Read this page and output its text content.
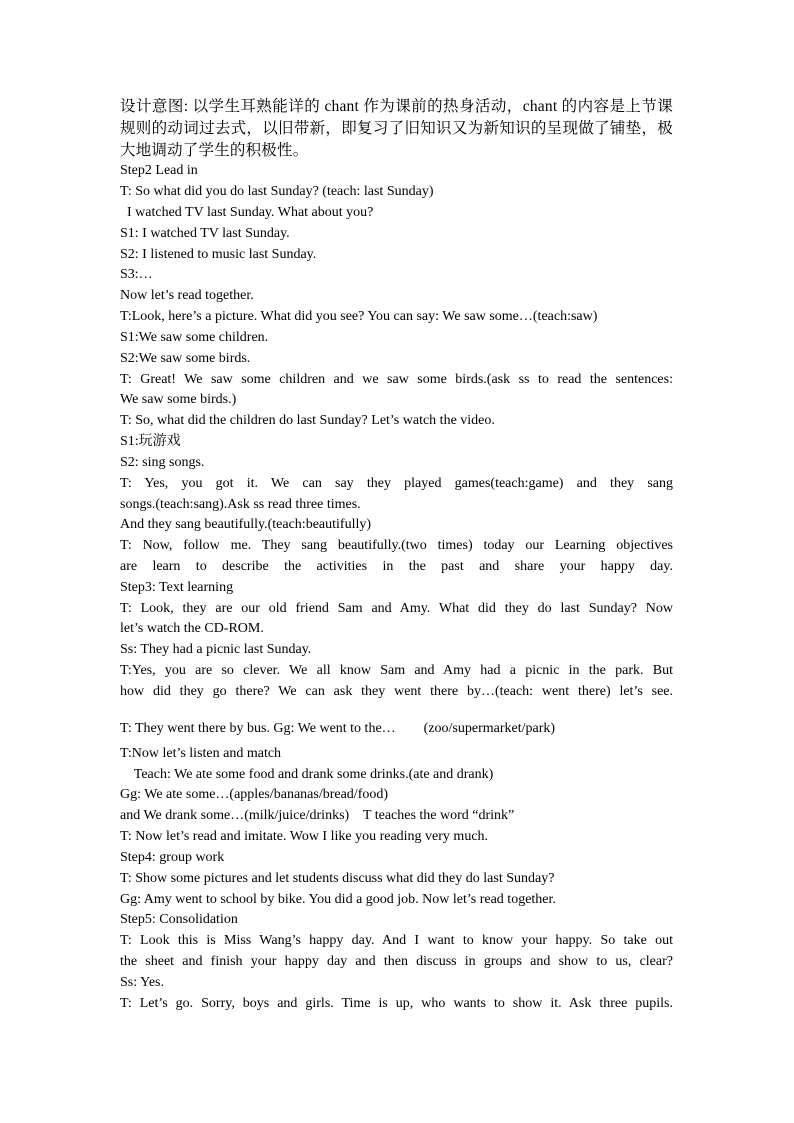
设计意图: 以学生耳熟能详的 chant 作为课前的热身活动，chant 的内容是上节课
规则的动词过去式，以旧带新，即复习了旧知识又为新知识的呈现做了铺垫，极
大地调动了学生的积极性。
Step2 Lead in
T: So what did you do last Sunday? (teach: last Sunday)
I watched TV last Sunday. What about you?
S1: I watched TV last Sunday.
S2: I listened to music last Sunday.
S3:…
Now let’s read together.
T:Look, here’s a picture. What did you see? You can say: We saw some…(teach:saw)
S1:We saw some children.
S2:We saw some birds.
T: Great! We saw some children and we saw some birds.(ask ss to read the sentences:
We saw some birds.)
T: So, what did the children do last Sunday? Let’s watch the video.
S1:玩游戏
S2: sing songs.
T: Yes, you got it. We can say they played games(teach:game) and they sang
songs.(teach:sang).Ask ss read three times.
And they sang beautifully.(teach:beautifully)
T: Now, follow me. They sang beautifully.(two times) today our Learning objectives
are learn to describe the activities in the past and share your happy day.
Step3: Text learning
T: Look, they are our old friend Sam and Amy. What did they do last Sunday? Now
let’s watch the CD-ROM.
Ss: They had a picnic last Sunday.
T:Yes, you are so clever. We all know Sam and Amy had a picnic in the park. But
how did they go there? We can ask they went there by…(teach: went there) let’s see.
T: They went there by bus. Gg: We went to the…        (zoo/supermarket/park)
T:Now let’s listen and match
Teach: We ate some food and drank some drinks.(ate and drank)
Gg: We ate some…(apples/bananas/bread/food)
and We drank some…(milk/juice/drinks)    T teaches the word “drink”
T: Now let’s read and imitate. Wow I like you reading very much.
Step4: group work
T: Show some pictures and let students discuss what did they do last Sunday?
Gg: Amy went to school by bike. You did a good job. Now let’s read together.
Step5: Consolidation
T: Look this is Miss Wang’s happy day. And I want to know your happy. So take out
the sheet and finish your happy day and then discuss in groups and show to us, clear?
Ss: Yes.
T: Let’s go. Sorry, boys and girls. Time is up, who wants to show it. Ask three pupils.
